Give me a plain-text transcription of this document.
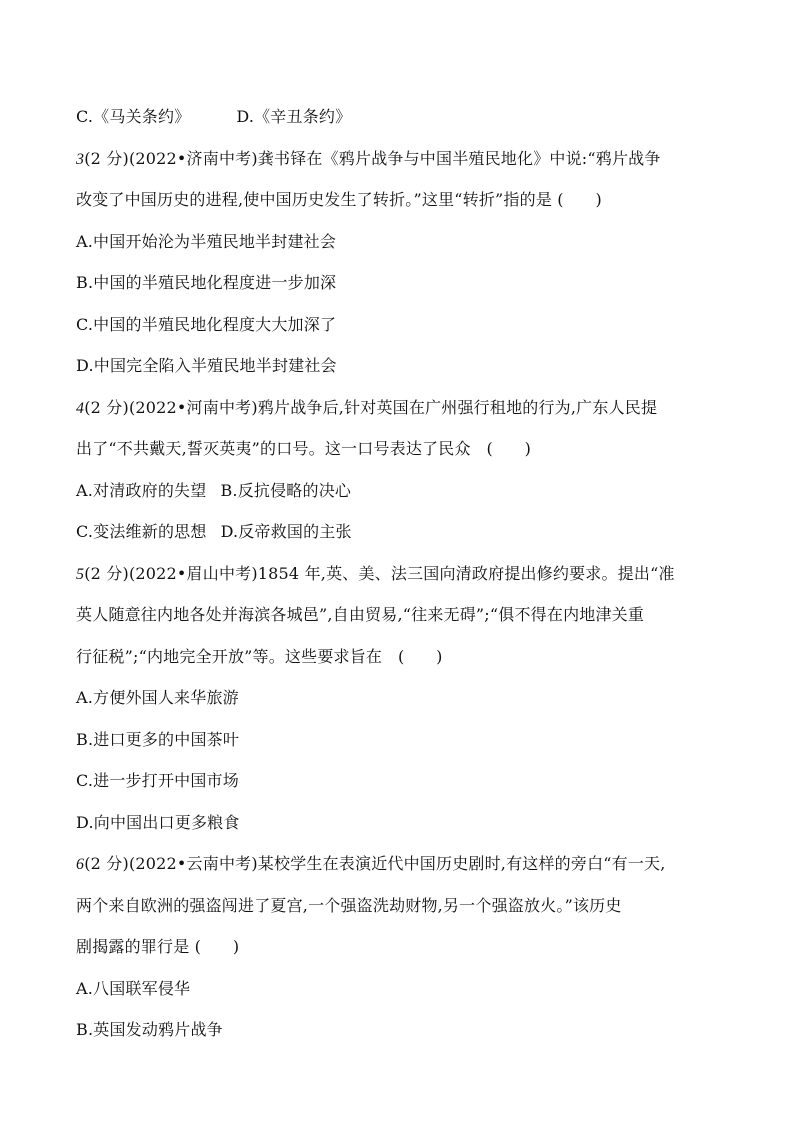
C.《马关条约》	D.《辛丑条约》
3(2 分)(2022•济南中考)龚书铎在《鸦片战争与中国半殖民地化》中说:“鸦片战争
改变了中国历史的进程,使中国历史发生了转折。”这里“转折”指的是 (      )
A.中国开始沦为半殖民地半封建社会
B.中国的半殖民地化程度进一步加深
C.中国的半殖民地化程度大大加深了
D.中国完全陷入半殖民地半封建社会
4(2 分)(2022•河南中考)鸦片战争后,针对英国在广州强行租地的行为,广东人民提
出了“不共戴天,誓灭英夷”的口号。这一口号表达了民众   (      )
A.对清政府的失望 B.反抗侵略的决心
C.变法维新的思想 D.反帝救国的主张
5(2 分)(2022•眉山中考)1854 年,英、美、法三国向清政府提出修约要求。提出“准
英人随意往内地各处并海滨各城邑”,自由贸易,“往来无碍”;“俱不得在内地津关重
行征税”;“内地完全开放”等。这些要求旨在   (      )
A.方便外国人来华旅游
B.进口更多的中国茶叶
C.进一步打开中国市场
D.向中国出口更多粮食
6(2 分)(2022•云南中考)某校学生在表演近代中国历史剧时,有这样的旁白“有一天,
两个来自欧洲的强盗闯进了夏宫,一个强盗洗劫财物,另一个强盗放火。”该历史
剧揭露的罪行是 (      )
A.八国联军侵华
B.英国发动鸦片战争
